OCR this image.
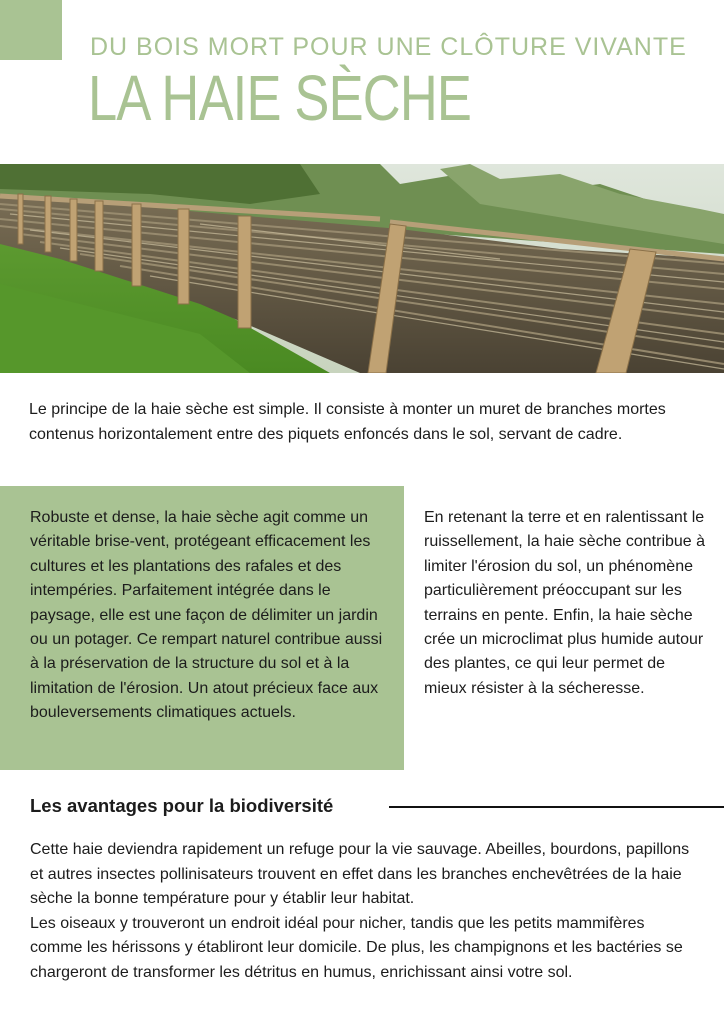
DU BOIS MORT POUR UNE CLÔTURE VIVANTE
LA HAIE SÈCHE
Le principe de la haie sèche est simple. Il consiste à monter un muret de branches mortes contenus horizontalement entre des piquets enfoncés dans le sol, servant de cadre.

Robuste et dense, la haie sèche agit comme un véritable brise-vent, protégeant efficacement les cultures et les plantations des rafales et des intempéries. Parfaitement intégrée dans le paysage, elle est une façon de délimiter un jardin ou un potager. Ce rempart naturel contribue aussi à la préservation de la structure du sol et à la limitation de l'érosion. Un atout précieux face aux bouleversements climatiques actuels.

En retenant la terre et en ralentissant le ruissellement, la haie sèche contribue à limiter l'érosion du sol, un phénomène particulièrement préoccupant sur les terrains en pente. Enfin, la haie sèche crée un microclimat plus humide autour des plantes, ce qui leur permet de mieux résister à la sécheresse.
Les avantages pour la biodiversité

Cette haie deviendra rapidement un refuge pour la vie sauvage. Abeilles, bourdons, papillons et autres insectes pollinisateurs trouvent en effet dans les branches enchevêtrées de la haie sèche la bonne température pour y établir leur habitat.

Les oiseaux y trouveront un endroit idéal pour nicher, tandis que les petits mammifères comme les hérissons y établiront leur domicile. De plus, les champignons et les bactéries se chargeront de transformer les détritus en humus, enrichissant ainsi votre sol.
